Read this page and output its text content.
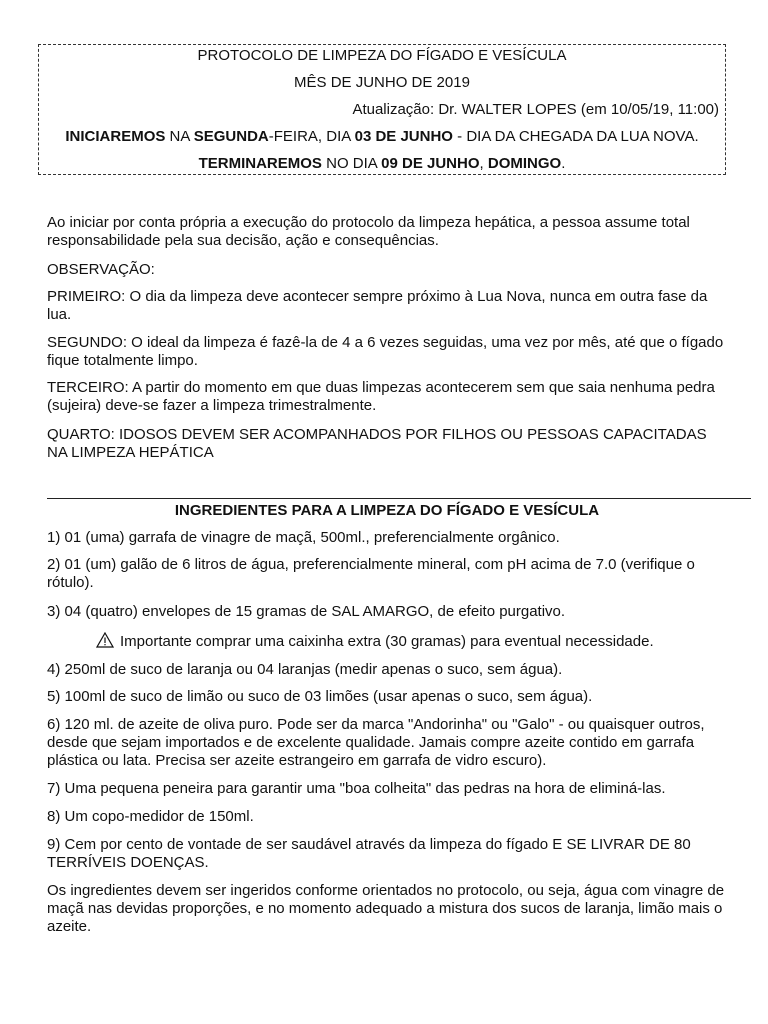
PROTOCOLO DE LIMPEZA DO FÍGADO E VESÍCULA

MÊS DE JUNHO DE 2019

Atualização: Dr. WALTER LOPES (em 10/05/19, 11:00)

INICIAREMOS NA SEGUNDA-FEIRA, DIA 03 DE JUNHO - DIA DA CHEGADA DA LUA NOVA.

TERMINAREMOS NO DIA 09 DE JUNHO, DOMINGO.

Ao iniciar por conta própria a execução do protocolo da limpeza hepática, a pessoa assume total responsabilidade pela sua decisão, ação e consequências.

OBSERVAÇÃO:

PRIMEIRO: O dia da limpeza deve acontecer sempre próximo à Lua Nova, nunca em outra fase da lua.

SEGUNDO: O ideal da limpeza é fazê-la de 4 a 6 vezes seguidas, uma vez por mês, até que o fígado fique totalmente limpo.

TERCEIRO: A partir do momento em que duas limpezas acontecerem sem que saia nenhuma pedra (sujeira) deve-se fazer a limpeza trimestralmente.

QUARTO: IDOSOS DEVEM SER ACOMPANHADOS POR FILHOS OU PESSOAS CAPACITADAS NA LIMPEZA HEPÁTICA

INGREDIENTES PARA A LIMPEZA DO FÍGADO E VESÍCULA

1) 01 (uma) garrafa de vinagre de maçã, 500ml., preferencialmente orgânico.

2) 01 (um) galão de 6 litros de água, preferencialmente mineral, com pH acima de 7.0 (verifique o rótulo).

3) 04 (quatro) envelopes de 15 gramas de SAL AMARGO, de efeito purgativo.

Importante comprar uma caixinha extra (30 gramas) para eventual necessidade.

4) 250ml de suco de laranja ou 04 laranjas (medir apenas o suco, sem água).

5) 100ml de suco de limão ou suco de 03 limões (usar apenas o suco, sem água).

6) 120 ml. de azeite de oliva puro. Pode ser da marca "Andorinha" ou "Galo" - ou quaisquer outros, desde que sejam importados e de excelente qualidade. Jamais compre azeite contido em garrafa plástica ou lata. Precisa ser azeite estrangeiro em garrafa de vidro escuro).

7) Uma pequena peneira para garantir uma "boa colheita" das pedras na hora de eliminá-las.

8) Um copo-medidor de 150ml.

9) Cem por cento de vontade de ser saudável através da limpeza do fígado E SE LIVRAR DE 80 TERRÍVEIS DOENÇAS.

Os ingredientes devem ser ingeridos conforme orientados no protocolo, ou seja, água com vinagre de maçã nas devidas proporções, e no momento adequado a mistura dos sucos de laranja, limão mais o azeite.
